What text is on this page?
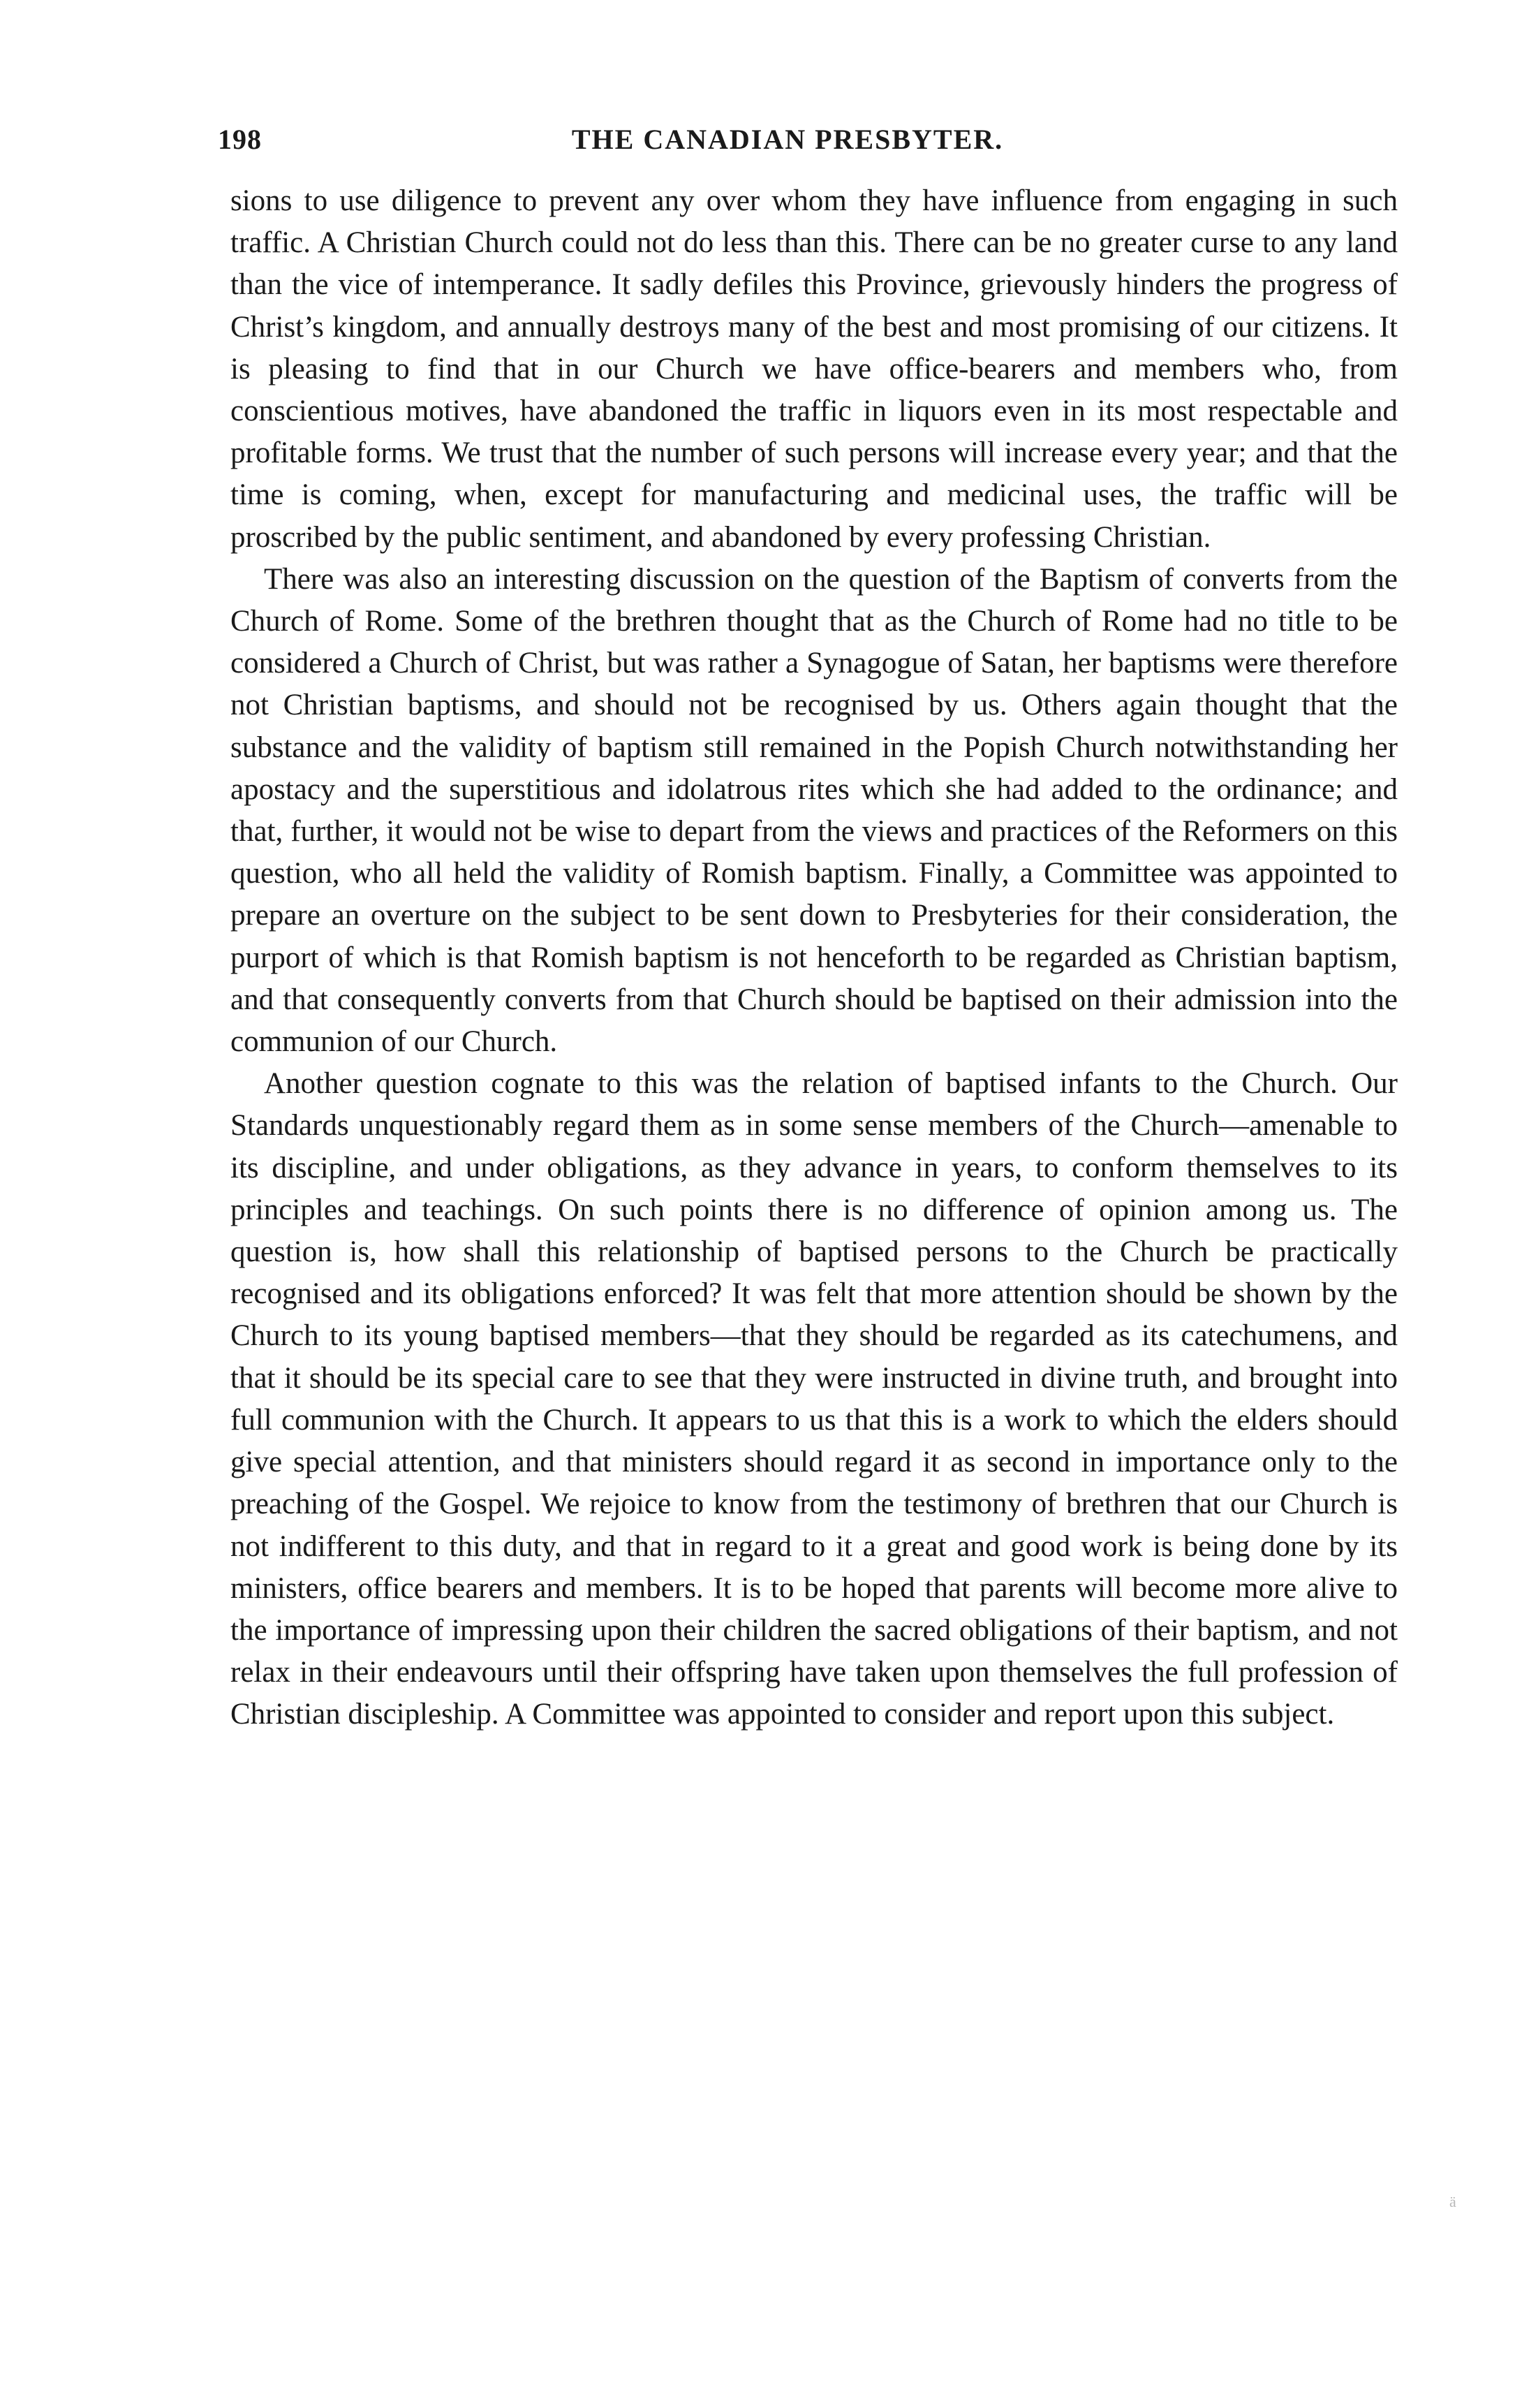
198	THE CANADIAN PRESBYTER.

sions to use diligence to prevent any over whom they have influence from engaging in such traffic. A Christian Church could not do less than this. There can be no greater curse to any land than the vice of intemperance. It sadly defiles this Province, grievously hinders the progress of Christ’s kingdom, and annually destroys many of the best and most promising of our citizens. It is pleasing to find that in our Church we have office-bearers and members who, from conscientious motives, have abandoned the traffic in liquors even in its most respectable and profitable forms. We trust that the number of such persons will increase every year; and that the time is coming, when, except for manufacturing and medicinal uses, the traffic will be proscribed by the public sentiment, and abandoned by every professing Christian.

There was also an interesting discussion on the question of the Baptism of converts from the Church of Rome. Some of the brethren thought that as the Church of Rome had no title to be considered a Church of Christ, but was rather a Synagogue of Satan, her baptisms were therefore not Christian baptisms, and should not be recognised by us. Others again thought that the substance and the validity of baptism still remained in the Popish Church notwithstanding her apostacy and the superstitious and idolatrous rites which she had added to the ordinance; and that, further, it would not be wise to depart from the views and practices of the Reformers on this question, who all held the validity of Romish baptism. Finally, a Committee was appointed to prepare an overture on the subject to be sent down to Presbyteries for their consideration, the purport of which is that Romish baptism is not henceforth to be regarded as Christian baptism, and that consequently converts from that Church should be baptised on their admission into the communion of our Church.

Another question cognate to this was the relation of baptised infants to the Church. Our Standards unquestionably regard them as in some sense members of the Church—amenable to its discipline, and under obligations, as they advance in years, to conform themselves to its principles and teachings. On such points there is no difference of opinion among us. The question is, how shall this relationship of baptised persons to the Church be practically recognised and its obligations enforced? It was felt that more attention should be shown by the Church to its young baptised members—that they should be regarded as its catechumens, and that it should be its special care to see that they were instructed in divine truth, and brought into full communion with the Church. It appears to us that this is a work to which the elders should give special attention, and that ministers should regard it as second in importance only to the preaching of the Gospel. We rejoice to know from the testimony of brethren that our Church is not indifferent to this duty, and that in regard to it a great and good work is being done by its ministers, office bearers and members. It is to be hoped that parents will become more alive to the importance of impressing upon their children the sacred obligations of their baptism, and not relax in their endeavours until their offspring have taken upon themselves the full profession of Christian discipleship. A Committee was appointed to consider and report upon this subject.

ä
